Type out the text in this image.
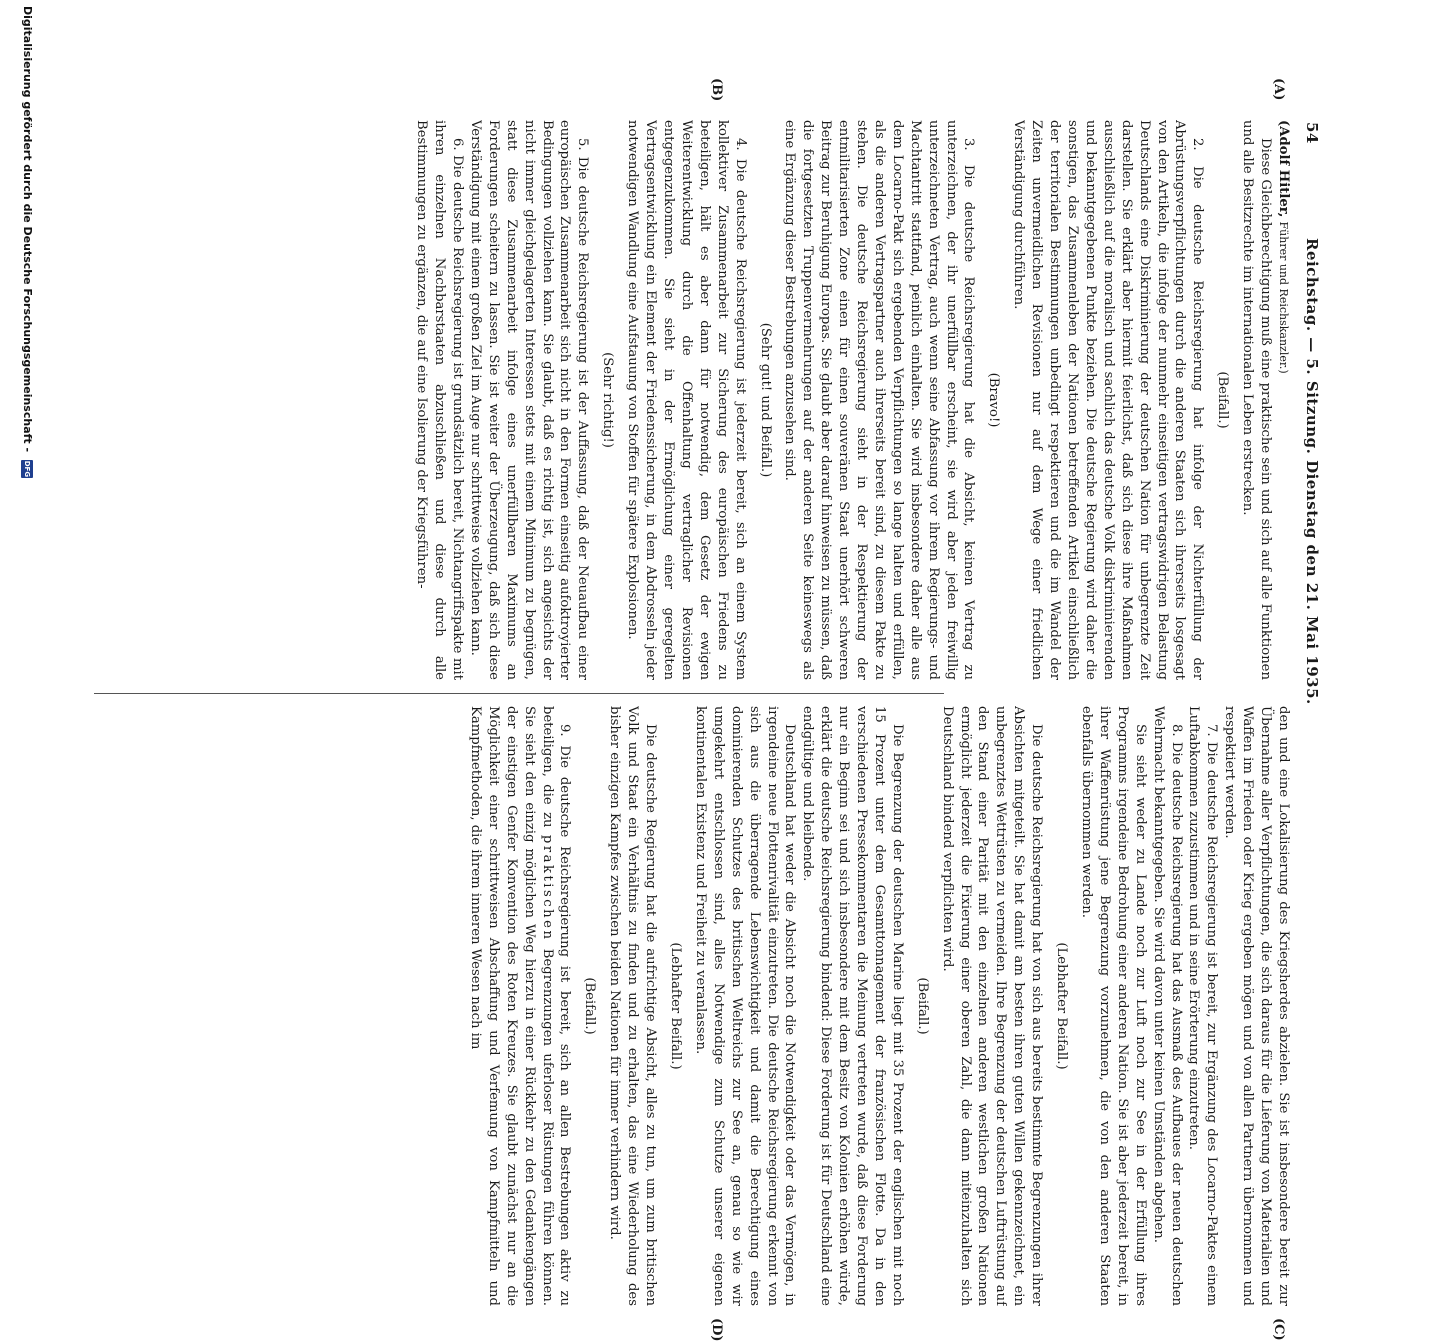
54
Reichstag. — 5. Sitzung. Dienstag den 21. Mai 1935.
(A)
(B)
(C)
(D)

(Adolf Hitler, Führer und Reichskanzler.)

Diese Gleichberechtigung muß eine praktische sein und sich auf alle Funktionen und alle Besitzrechte im internationalen Leben erstrecken.

(Beifall.)

2. Die deutsche Reichsregierung hat infolge der Nichterfüllung der Abrüstungsverpflichtungen durch die anderen Staaten sich ihrerseits losgesagt von den Artikeln, die infolge der nunmehr einseitigen vertragswidrigen Belastung Deutschlands eine Diskriminierung der deutschen Nation für unbegrenzte Zeit darstellen. Sie erklärt aber hiermit feierlichst, daß sich diese ihre Maßnahmen ausschließlich auf die moralisch und sachlich das deutsche Volk diskriminierenden und bekanntgegebenen Punkte beziehen. Die deutsche Regierung wird daher die sonstigen, das Zusammenleben der Nationen betreffenden Artikel einschließlich der territorialen Bestimmungen unbedingt respektieren und die im Wandel der Zeiten unvermeidlichen Revisionen nur auf dem Wege einer friedlichen Verständigung durchführen.

(Bravo!)

3. Die deutsche Reichsregierung hat die Absicht, keinen Vertrag zu unterzeichnen, der ihr unerfüllbar erscheint, sie wird aber jeden freiwillig unterzeichneten Vertrag, auch wenn seine Abfassung vor ihrem Regierungs- und Machtantritt stattfand, peinlich einhalten. Sie wird insbesondere daher alle aus dem Locarno-Pakt sich ergebenden Verpflichtungen so lange halten und erfüllen, als die anderen Vertragspartner auch ihrerseits bereit sind, zu diesem Pakte zu stehen. Die deutsche Reichsregierung sieht in der Respektierung der entmilitarisierten Zone einen für einen souveränen Staat unerhört schweren Beitrag zur Beruhigung Europas. Sie glaubt aber darauf hinweisen zu müssen, daß die fortgesetzten Truppenvermehrungen auf der anderen Seite keineswegs als eine Ergänzung dieser Bestrebungen anzusehen sind.

(Sehr gut! und Beifall.)

4. Die deutsche Reichsregierung ist jederzeit bereit, sich an einem System kollektiver Zusammenarbeit zur Sicherung des europäischen Friedens zu beteiligen, hält es aber dann für notwendig, dem Gesetz der ewigen Weiterentwicklung durch die Offenhaltung vertraglicher Revisionen entgegenzukommen. Sie sieht in der Ermöglichung einer geregelten Vertragsentwicklung ein Element der Friedenssicherung, in dem Abdrosseln jeder notwendigen Wandlung eine Aufstauung von Stoffen für spätere Explosionen.

(Sehr richtig!)

5. Die deutsche Reichsregierung ist der Auffassung, daß der Neuaufbau einer europäischen Zusammenarbeit sich nicht in den Formen einseitig aufoktroyierter Bedingungen vollziehen kann. Sie glaubt, daß es richtig ist, sich angesichts der nicht immer gleichgelagerten Interessen stets mit einem Minimum zu begnügen, statt diese Zusammenarbeit infolge eines unerfüllbaren Maximums an Forderungen scheitern zu lassen. Sie ist weiter der Überzeugung, daß sich diese Verständigung mit einem großen Ziel im Auge nur schrittweise vollziehen kann.

6. Die deutsche Reichsregierung ist grundsätzlich bereit, Nichtangriffspakte mit ihren einzelnen Nachbarstaaten abzuschließen und diese durch alle Bestimmungen zu ergänzen, die auf eine Isolierung der Kriegsführen-

den und eine Lokalisierung des Kriegsherdes abzielen. Sie ist insbesondere bereit zur Übernahme aller Verpflichtungen, die sich daraus für die Lieferung von Materialien und Waffen im Frieden oder Krieg ergeben mögen und von allen Partnern übernommen und respektiert werden.

7. Die deutsche Reichsregierung ist bereit, zur Ergänzung des Locarno-Paktes einem Luftabkommen zuzustimmen und in seine Erörterung einzutreten.

8. Die deutsche Reichsregierung hat das Ausmaß des Aufbaues der neuen deutschen Wehrmacht bekanntgegeben. Sie wird davon unter keinen Umständen abgehen.

Sie sieht weder zu Lande noch zur Luft noch zur See in der Erfüllung ihres Programms irgendeine Bedrohung einer anderen Nation. Sie ist aber jederzeit bereit, in ihrer Waffenrüstung jene Begrenzung vorzunehmen, die von den anderen Staaten ebenfalls übernommen werden.

(Lebhafter Beifall.)

Die deutsche Reichsregierung hat von sich aus bereits bestimmte Begrenzungen ihrer Absichten mitgeteilt. Sie hat damit am besten ihren guten Willen gekennzeichnet, ein unbegrenztes Wettrüsten zu vermeiden. Ihre Begrenzung der deutschen Luftrüstung auf den Stand einer Parität mit den einzelnen anderen westlichen großen Nationen ermöglicht jederzeit die Fixierung einer oberen Zahl, die dann miteinzuhalten sich Deutschland bindend verpflichten wird.

(Beifall.)

Die Begrenzung der deutschen Marine liegt mit 35 Prozent der englischen mit noch 15 Prozent unter dem Gesamttonnagement der französischen Flotte. Da in den verschiedenen Pressekommentaren die Meinung vertreten wurde, daß diese Forderung nur ein Beginn sei und sich insbesondere mit dem Besitz von Kolonien erhöhen würde, erklärt die deutsche Reichsregierung bindend: Diese Forderung ist für Deutschland eine endgültige und bleibende.

Deutschland hat weder die Absicht noch die Notwendigkeit oder das Vermögen, in irgendeine neue Flottenrivalität einzutreten. Die deutsche Reichsregierung erkennt von sich aus die überragende Lebenswichtigkeit und damit die Berechtigung eines dominierenden Schutzes des britischen Weltreichs zur See an, genau so wie wir umgekehrt entschlossen sind, alles Notwendige zum Schutze unserer eigenen kontinentalen Existenz und Freiheit zu veranlassen.

(Lebhafter Beifall.)

Die deutsche Regierung hat die aufrichtige Absicht, alles zu tun, um zum britischen Volk und Staat ein Verhältnis zu finden und zu erhalten, das eine Wiederholung des bisher einzigen Kampfes zwischen beiden Nationen für immer verhindern wird.

(Beifall.)

9. Die deutsche Reichsregierung ist bereit, sich an allen Bestrebungen aktiv zu beteiligen, die zu praktischen Begrenzungen uferloser Rüstungen führen können. Sie sieht den einzig möglichen Weg hierzu in einer Rückkehr zu den Gedankengängen der einstigen Genfer Konvention des Roten Kreuzes. Sie glaubt zunächst nur an die Möglichkeit einer schrittweisen Abschaffung und Verfemung von Kampfmitteln und Kampfmethoden, die ihrem inneren Wesen nach im

Digitalisierung gefördert durch die Deutsche Forschungsgemeinschaft - DFG
